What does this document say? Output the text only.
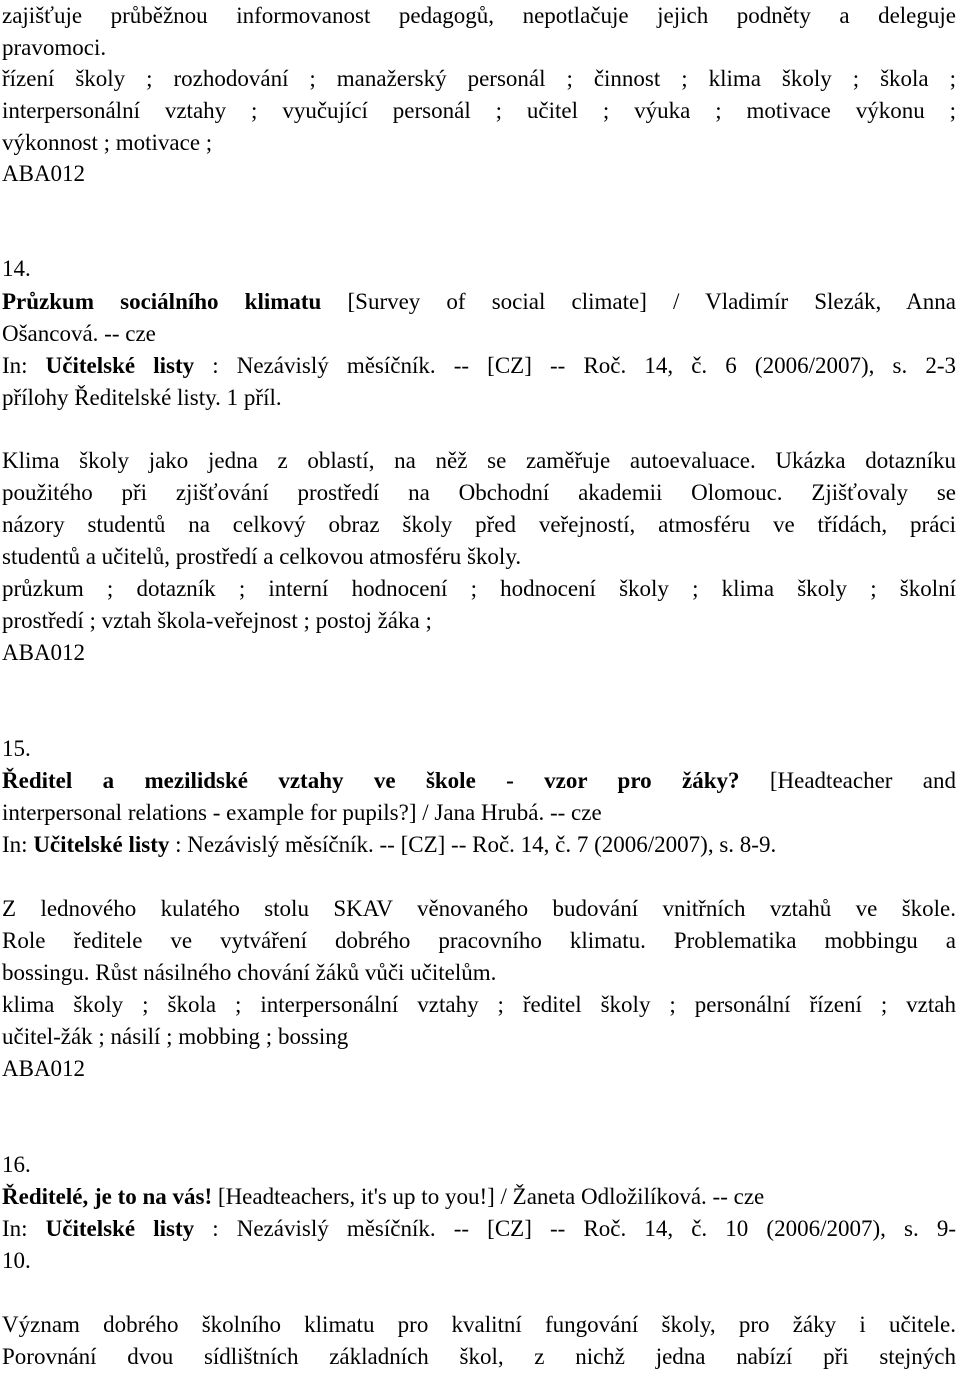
zajišťuje průběžnou informovanost pedagogů, nepotlačuje jejich podněty a deleguje
pravomoci.
řízení školy ; rozhodování ; manažerský personál ; činnost ; klima školy ; škola ;
interpersonální vztahy ; vyučující personál ; učitel ; výuka ; motivace výkonu ;
výkonnost ; motivace ;
ABA012
14.
Průzkum sociálního klimatu [Survey of social climate] / Vladimír Slezák, Anna
Ošancová. -- cze
In: Učitelské listy : Nezávislý měsíčník. -- [CZ] -- Roč. 14, č. 6 (2006/2007), s. 2-3
přílohy Ředitelské listy. 1 příl.
Klima školy jako jedna z oblastí, na něž se zaměřuje autoevaluace. Ukázka dotazníku
použitého při zjišťování prostředí na Obchodní akademii Olomouc. Zjišťovaly se
názory studentů na celkový obraz školy před veřejností, atmosféru ve třídách, práci
studentů a učitelů, prostředí a celkovou atmosféru školy.
průzkum ; dotazník ; interní hodnocení ; hodnocení školy ; klima školy ; školní
prostředí ; vztah škola-veřejnost ; postoj žáka ;
ABA012
15.
Ředitel a mezilidské vztahy ve škole - vzor pro žáky? [Headteacher and
interpersonal relations - example for pupils?] / Jana Hrubá. -- cze
In: Učitelské listy : Nezávislý měsíčník. -- [CZ] -- Roč. 14, č. 7 (2006/2007), s. 8-9.
Z lednového kulatého stolu SKAV věnovaného budování vnitřních vztahů ve škole.
Role ředitele ve vytváření dobrého pracovního klimatu. Problematika mobbingu a
bossingu. Růst násilného chování žáků vůči učitelům.
klima školy ; škola ; interpersonální vztahy ; ředitel školy ; personální řízení ; vztah
učitel-žák ; násilí ; mobbing ; bossing
ABA012
16.
Ředitelé, je to na vás! [Headteachers, it's up to you!] / Žaneta Odložilíková. -- cze
In: Učitelské listy : Nezávislý měsíčník. -- [CZ] -- Roč. 14, č. 10 (2006/2007), s. 9-
10.
Význam dobrého školního klimatu pro kvalitní fungování školy, pro žáky i učitele.
Porovnání dvou sídlištních základních škol, z nichž jedna nabízí při stejných
